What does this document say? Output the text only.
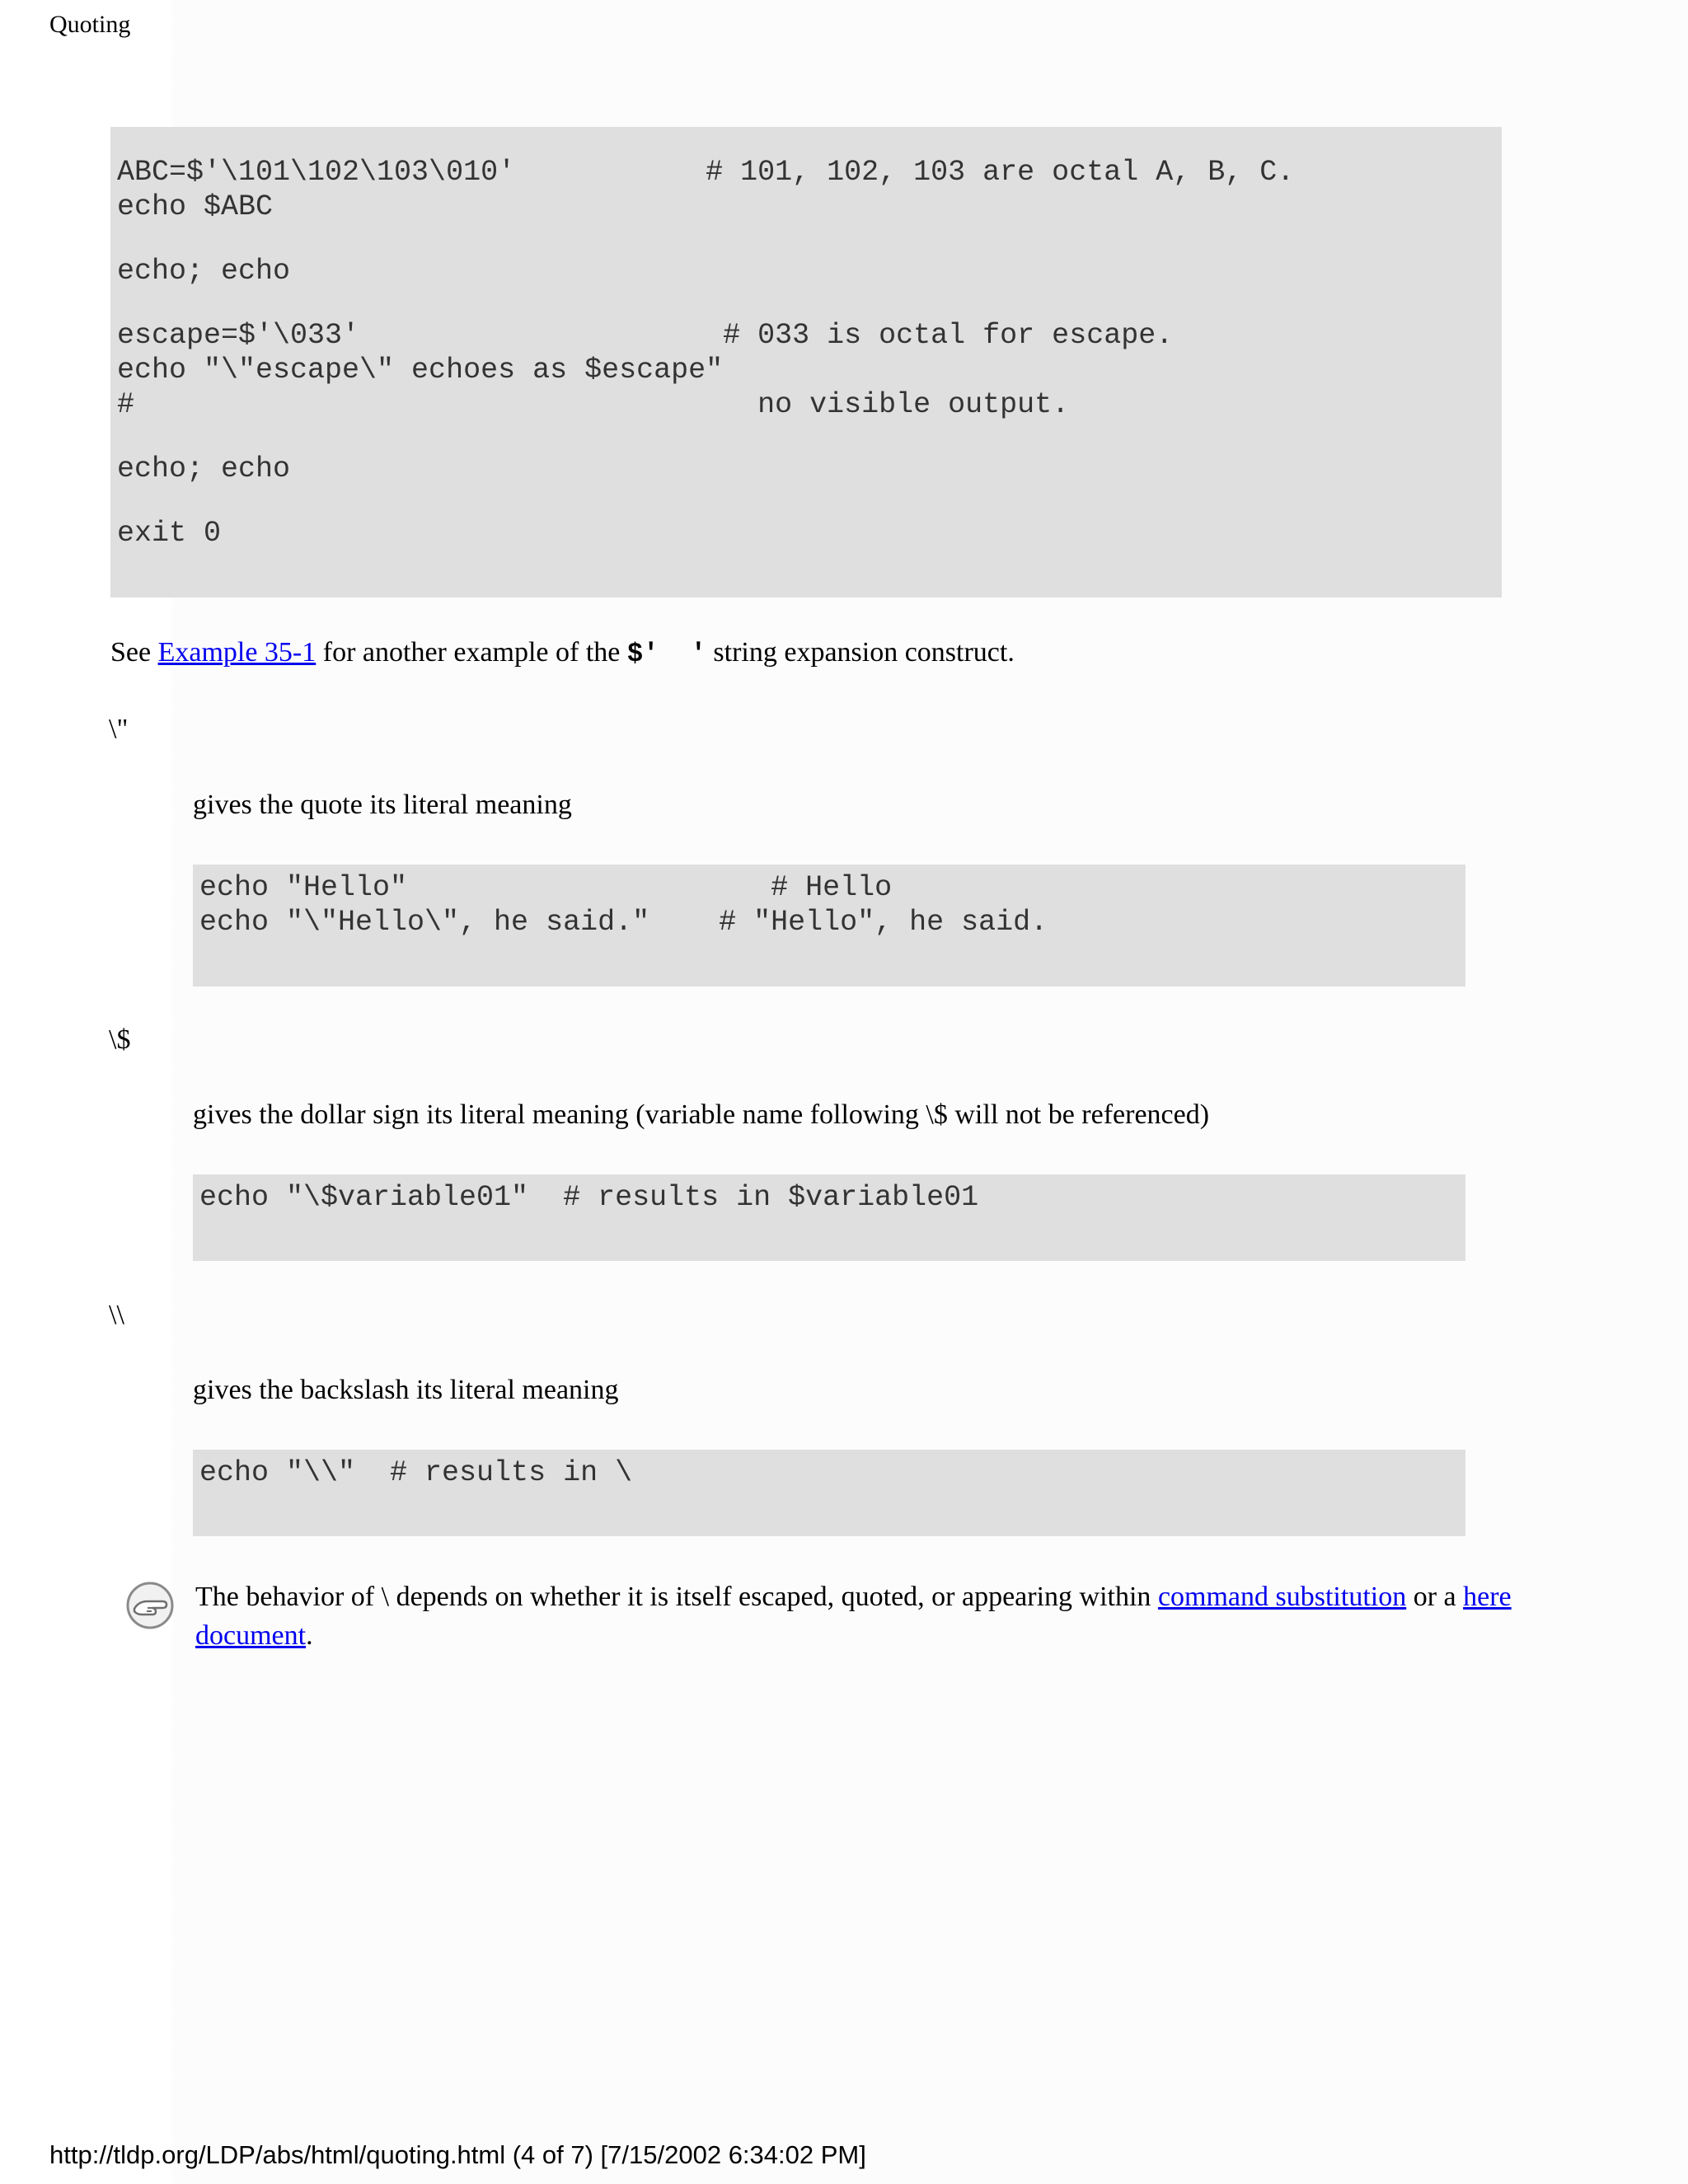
Quoting
ABC=$'\101\102\103\010'           # 101, 102, 103 are octal A, B, C.
echo $ABC
echo; echo
escape=$'\033'                     # 033 is octal for escape.
echo "\"escape\" echoes as $escape"
#                                    no visible output.
echo; echo
exit 0
See Example 35-1 for another example of the $'  ' string expansion construct.
\"
gives the quote its literal meaning
echo "Hello"                     # Hello
echo "\"Hello\", he said."    # "Hello", he said.
\$
gives the dollar sign its literal meaning (variable name following \$ will not be referenced)
echo "\$variable01"  # results in $variable01
\\
gives the backslash its literal meaning
echo "\\"  # results in \
The behavior of \ depends on whether it is itself escaped, quoted, or appearing within command substitution or a here
document.
http://tldp.org/LDP/abs/html/quoting.html (4 of 7) [7/15/2002 6:34:02 PM]
